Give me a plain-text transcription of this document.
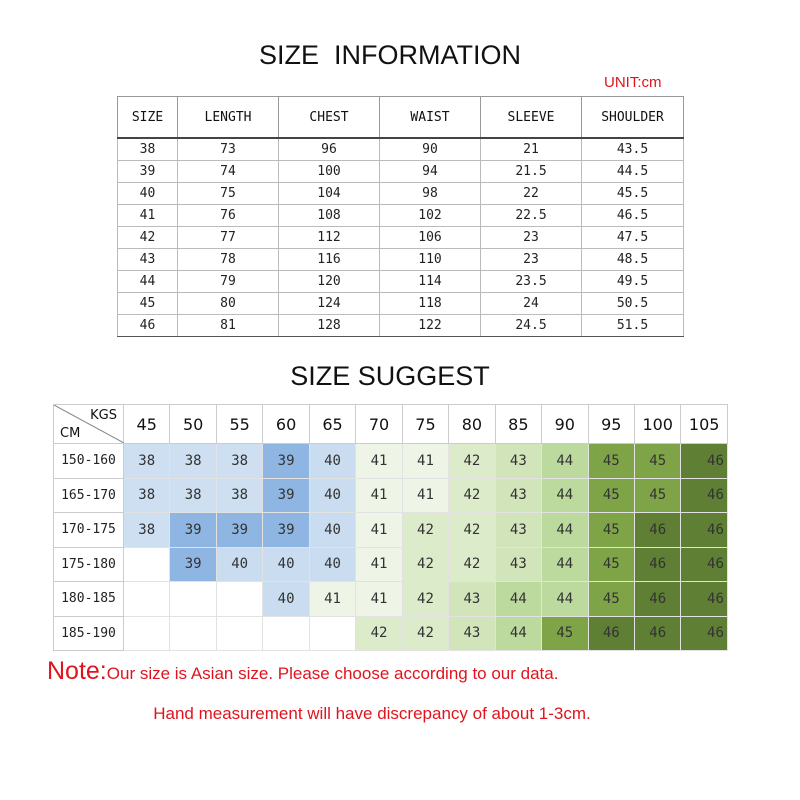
SIZE  INFORMATION
UNIT:cm
SIZE	LENGTH	CHEST	WAIST	SLEEVE	SHOULDER
38	73	96	90	21	43.5
39	74	100	94	21.5	44.5
40	75	104	98	22	45.5
41	76	108	102	22.5	46.5
42	77	112	106	23	47.5
43	78	116	110	23	48.5
44	79	120	114	23.5	49.5
45	80	124	118	24	50.5
46	81	128	122	24.5	51.5
SIZE SUGGEST
KGS
CM	45	50	55	60	65	70	75	80	85	90	95	100	105
150-160	38	38	38	39	40	41	41	42	43	44	45	45	46
165-170	38	38	38	39	40	41	41	42	43	44	45	45	46
170-175	38	39	39	39	40	41	42	42	43	44	45	46	46
175-180		39	40	40	40	41	42	42	43	44	45	46	46
180-185				40	41	41	42	43	44	44	45	46	46
185-190						42	42	43	44	45	46	46	46
Note:Our size is Asian size. Please choose according to our data.
Hand measurement will have discrepancy of about 1-3cm.
